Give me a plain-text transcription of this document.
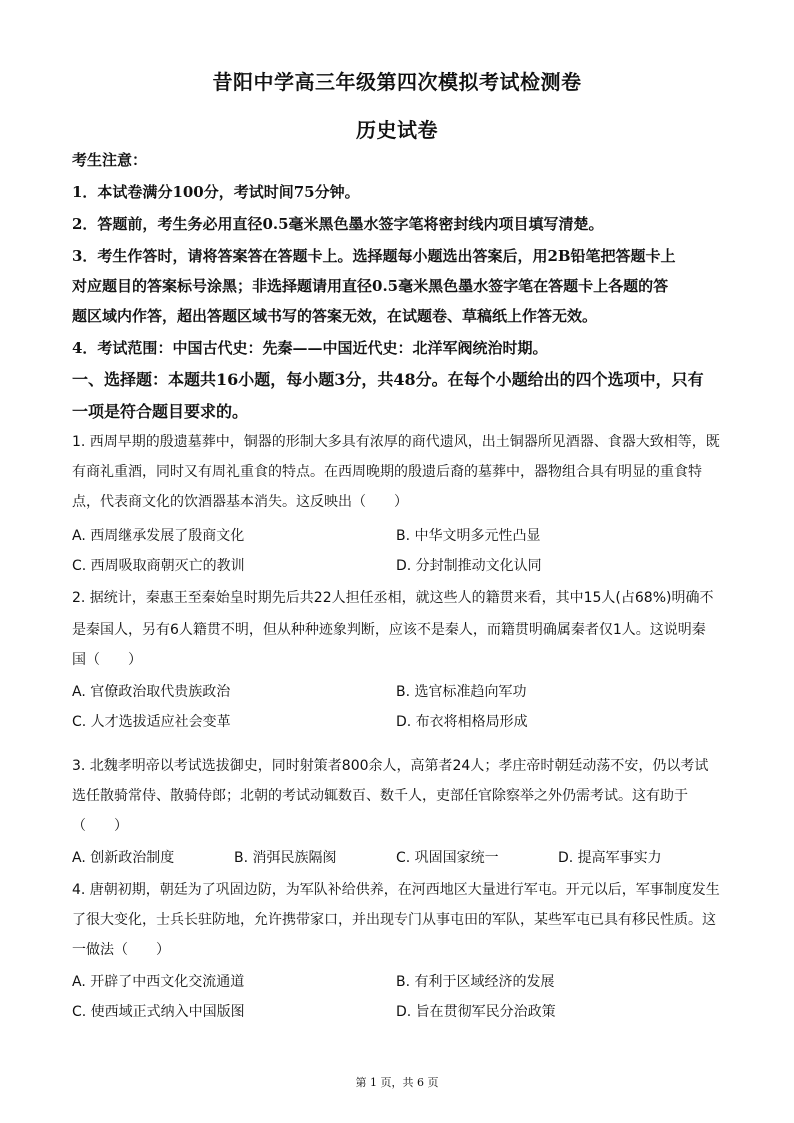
昔阳中学高三年级第四次模拟考试检测卷
历史试卷
考生注意：
1．本试卷满分100分，考试时间75分钟。
2．答题前，考生务必用直径0.5毫米黑色墨水签字笔将密封线内项目填写清楚。
3．考生作答时，请将答案答在答题卡上。选择题每小题选出答案后，用2B铅笔把答题卡上
对应题目的答案标号涂黑；非选择题请用直径0.5毫米黑色墨水签字笔在答题卡上各题的答
题区域内作答，超出答题区域书写的答案无效，在试题卷、草稿纸上作答无效。
4．考试范围：中国古代史：先秦——中国近代史：北洋军阀统治时期。
一、选择题：本题共16小题，每小题3分，共48分。在每个小题给出的四个选项中，只有
一项是符合题目要求的。
1. 西周早期的殷遗墓葬中，铜器的形制大多具有浓厚的商代遗风，出土铜器所见酒器、食器大致相等，既
有商礼重酒，同时又有周礼重食的特点。在西周晚期的殷遗后裔的墓葬中，器物组合具有明显的重食特
点，代表商文化的饮酒器基本消失。这反映出（　　）
A. 西周继承发展了殷商文化	B. 中华文明多元性凸显
C. 西周吸取商朝灭亡的教训	D. 分封制推动文化认同
2. 据统计，秦惠王至秦始皇时期先后共22人担任丞相，就这些人的籍贯来看，其中15人(占68%)明确不
是秦国人，另有6人籍贯不明，但从种种迹象判断，应该不是秦人，而籍贯明确属秦者仅1人。这说明秦
国（　　）
A. 官僚政治取代贵族政治	B. 选官标准趋向军功
C. 人才选拔适应社会变革	D. 布衣将相格局形成
3. 北魏孝明帝以考试选拔御史，同时射策者800余人，高第者24人；孝庄帝时朝廷动荡不安，仍以考试
选任散骑常侍、散骑侍郎；北朝的考试动辄数百、数千人，吏部任官除察举之外仍需考试。这有助于
（　　）
A. 创新政治制度	B. 消弭民族隔阂	C. 巩固国家统一	D. 提高军事实力
4. 唐朝初期，朝廷为了巩固边防，为军队补给供养，在河西地区大量进行军屯。开元以后，军事制度发生
了很大变化，士兵长驻防地，允许携带家口，并出现专门从事屯田的军队，某些军屯已具有移民性质。这
一做法（　　）
A. 开辟了中西文化交流通道	B. 有利于区域经济的发展
C. 使西域正式纳入中国版图	D. 旨在贯彻军民分治政策
第 1 页，共 6 页
